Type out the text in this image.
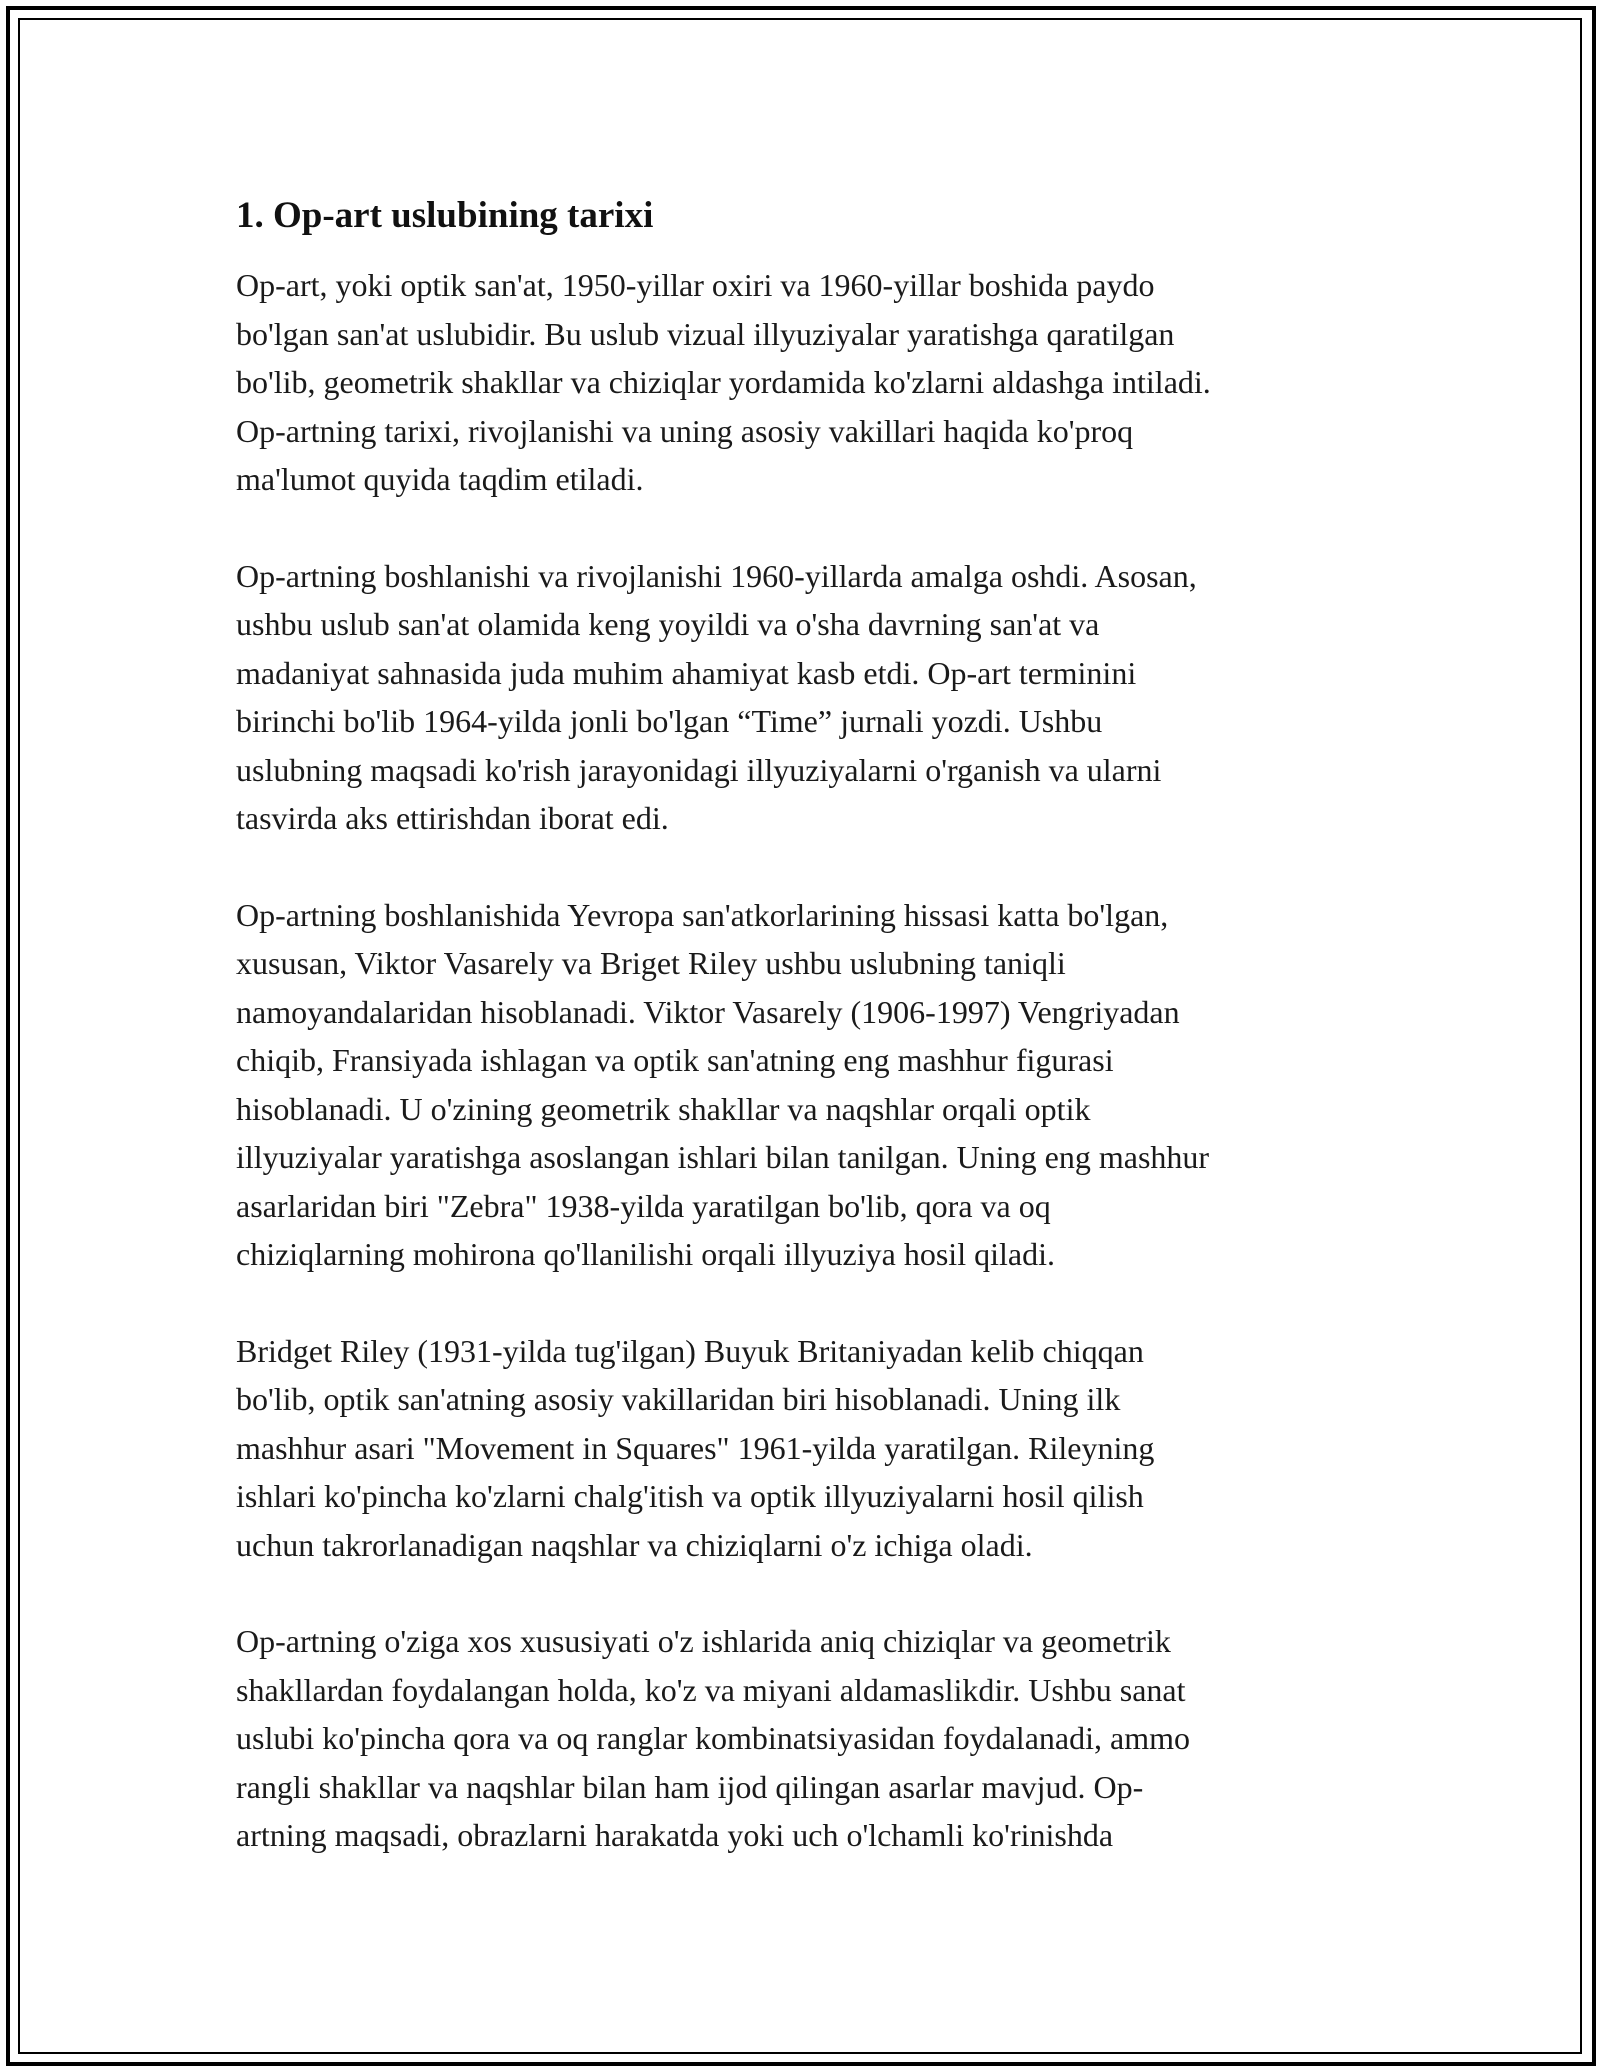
1. Op-art uslubining tarixi

Op-art, yoki optik san'at, 1950-yillar oxiri va 1960-yillar boshida paydo
bo'lgan san'at uslubidir. Bu uslub vizual illyuziyalar yaratishga qaratilgan
bo'lib, geometrik shakllar va chiziqlar yordamida ko'zlarni aldashga intiladi.
Op-artning tarixi, rivojlanishi va uning asosiy vakillari haqida ko'proq
ma'lumot quyida taqdim etiladi.

Op-artning boshlanishi va rivojlanishi 1960-yillarda amalga oshdi. Asosan,
ushbu uslub san'at olamida keng yoyildi va o'sha davrning san'at va
madaniyat sahnasida juda muhim ahamiyat kasb etdi. Op-art terminini
birinchi bo'lib 1964-yilda jonli bo'lgan “Time” jurnali yozdi. Ushbu
uslubning maqsadi ko'rish jarayonidagi illyuziyalarni o'rganish va ularni
tasvirda aks ettirishdan iborat edi.

Op-artning boshlanishida Yevropa san'atkorlarining hissasi katta bo'lgan,
xususan, Viktor Vasarely va Briget Riley ushbu uslubning taniqli
namoyandalaridan hisoblanadi. Viktor Vasarely (1906-1997) Vengriyadan
chiqib, Fransiyada ishlagan va optik san'atning eng mashhur figurasi
hisoblanadi. U o'zining geometrik shakllar va naqshlar orqali optik
illyuziyalar yaratishga asoslangan ishlari bilan tanilgan. Uning eng mashhur
asarlaridan biri "Zebra" 1938-yilda yaratilgan bo'lib, qora va oq
chiziqlarning mohirona qo'llanilishi orqali illyuziya hosil qiladi.

Bridget Riley (1931-yilda tug'ilgan) Buyuk Britaniyadan kelib chiqqan
bo'lib, optik san'atning asosiy vakillaridan biri hisoblanadi. Uning ilk
mashhur asari "Movement in Squares" 1961-yilda yaratilgan. Rileyning
ishlari ko'pincha ko'zlarni chalg'itish va optik illyuziyalarni hosil qilish
uchun takrorlanadigan naqshlar va chiziqlarni o'z ichiga oladi.

Op-artning o'ziga xos xususiyati o'z ishlarida aniq chiziqlar va geometrik
shakllardan foydalangan holda, ko'z va miyani aldamaslikdir. Ushbu sanat
uslubi ko'pincha qora va oq ranglar kombinatsiyasidan foydalanadi, ammo
rangli shakllar va naqshlar bilan ham ijod qilingan asarlar mavjud. Op-
artning maqsadi, obrazlarni harakatda yoki uch o'lchamli ko'rinishda
